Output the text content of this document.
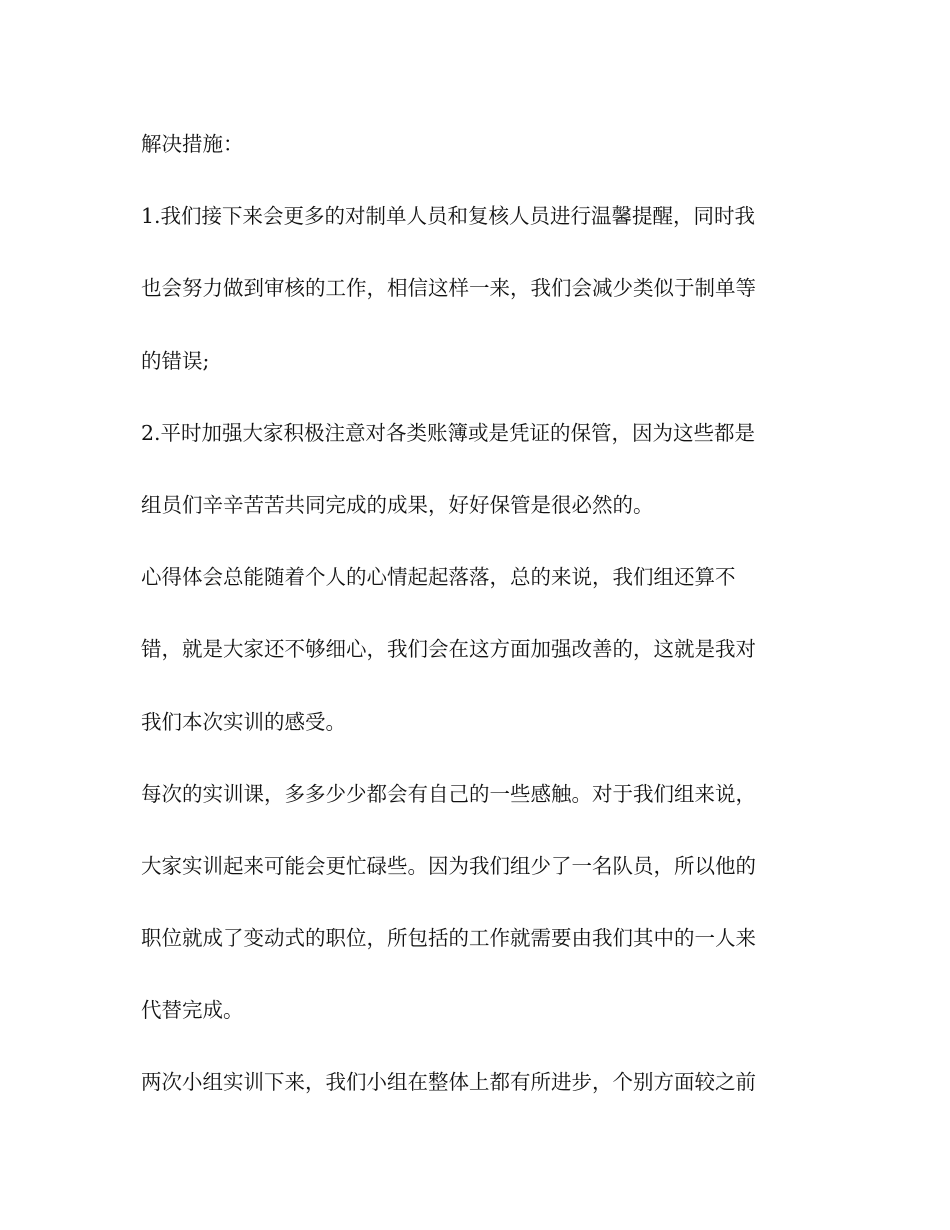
解决措施：
1.我们接下来会更多的对制单人员和复核人员进行温馨提醒，同时我
也会努力做到审核的工作，相信这样一来，我们会减少类似于制单等
的错误;
2.平时加强大家积极注意对各类账簿或是凭证的保管，因为这些都是
组员们辛辛苦苦共同完成的成果，好好保管是很必然的。
心得体会总能随着个人的心情起起落落，总的来说，我们组还算不
错，就是大家还不够细心，我们会在这方面加强改善的，这就是我对
我们本次实训的感受。
每次的实训课，多多少少都会有自己的一些感触。对于我们组来说，
大家实训起来可能会更忙碌些。因为我们组少了一名队员，所以他的
职位就成了变动式的职位，所包括的工作就需要由我们其中的一人来
代替完成。
两次小组实训下来，我们小组在整体上都有所进步，个别方面较之前
